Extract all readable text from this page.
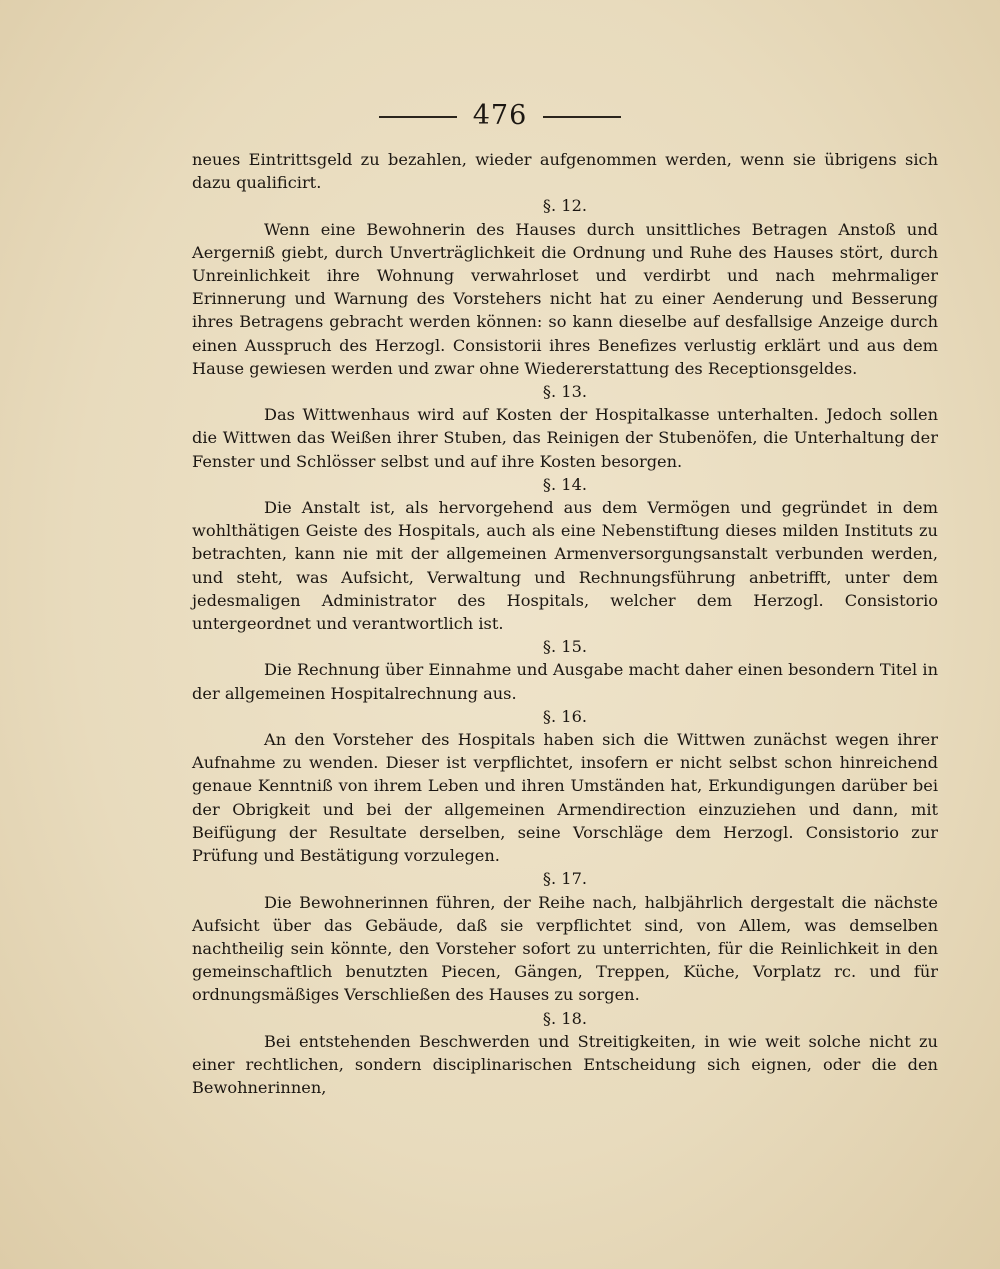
476

neues Eintrittsgeld zu bezahlen, wieder aufgenommen werden, wenn sie übrigens sich dazu qualificirt.

§. 12.

Wenn eine Bewohnerin des Hauses durch unsittliches Betragen Anstoß und Aergerniß giebt, durch Unverträglichkeit die Ordnung und Ruhe des Hauses stört, durch Unreinlichkeit ihre Wohnung verwahrloset und verdirbt und nach mehrmaliger Erinnerung und Warnung des Vorstehers nicht hat zu einer Aenderung und Besserung ihres Betragens gebracht werden können: so kann dieselbe auf desfallsige Anzeige durch einen Ausspruch des Herzogl. Consistorii ihres Benefizes verlustig erklärt und aus dem Hause gewiesen werden und zwar ohne Wiedererstattung des Receptionsgeldes.

§. 13.

Das Wittwenhaus wird auf Kosten der Hospitalkasse unterhalten. Jedoch sollen die Wittwen das Weißen ihrer Stuben, das Reinigen der Stubenöfen, die Unterhaltung der Fenster und Schlösser selbst und auf ihre Kosten besorgen.

§. 14.

Die Anstalt ist, als hervorgehend aus dem Vermögen und gegründet in dem wohlthätigen Geiste des Hospitals, auch als eine Nebenstiftung dieses milden Instituts zu betrachten, kann nie mit der allgemeinen Armenversorgungsanstalt verbunden werden, und steht, was Aufsicht, Verwaltung und Rechnungsführung anbetrifft, unter dem jedesmaligen Administrator des Hospitals, welcher dem Herzogl. Consistorio untergeordnet und verantwortlich ist.

§. 15.

Die Rechnung über Einnahme und Ausgabe macht daher einen besondern Titel in der allgemeinen Hospitalrechnung aus.

§. 16.

An den Vorsteher des Hospitals haben sich die Wittwen zunächst wegen ihrer Aufnahme zu wenden. Dieser ist verpflichtet, insofern er nicht selbst schon hinreichend genaue Kenntniß von ihrem Leben und ihren Umständen hat, Erkundigungen darüber bei der Obrigkeit und bei der allgemeinen Armendirection einzuziehen und dann, mit Beifügung der Resultate derselben, seine Vorschläge dem Herzogl. Consistorio zur Prüfung und Bestätigung vorzulegen.

§. 17.

Die Bewohnerinnen führen, der Reihe nach, halbjährlich dergestalt die nächste Aufsicht über das Gebäude, daß sie verpflichtet sind, von Allem, was demselben nachtheilig sein könnte, den Vorsteher sofort zu unterrichten, für die Reinlichkeit in den gemeinschaftlich benutzten Piecen, Gängen, Treppen, Küche, Vorplatz rc. und für ordnungsmäßiges Verschließen des Hauses zu sorgen.

§. 18.

Bei entstehenden Beschwerden und Streitigkeiten, in wie weit solche nicht zu einer rechtlichen, sondern disciplinarischen Entscheidung sich eignen, oder die den Bewohnerinnen,
